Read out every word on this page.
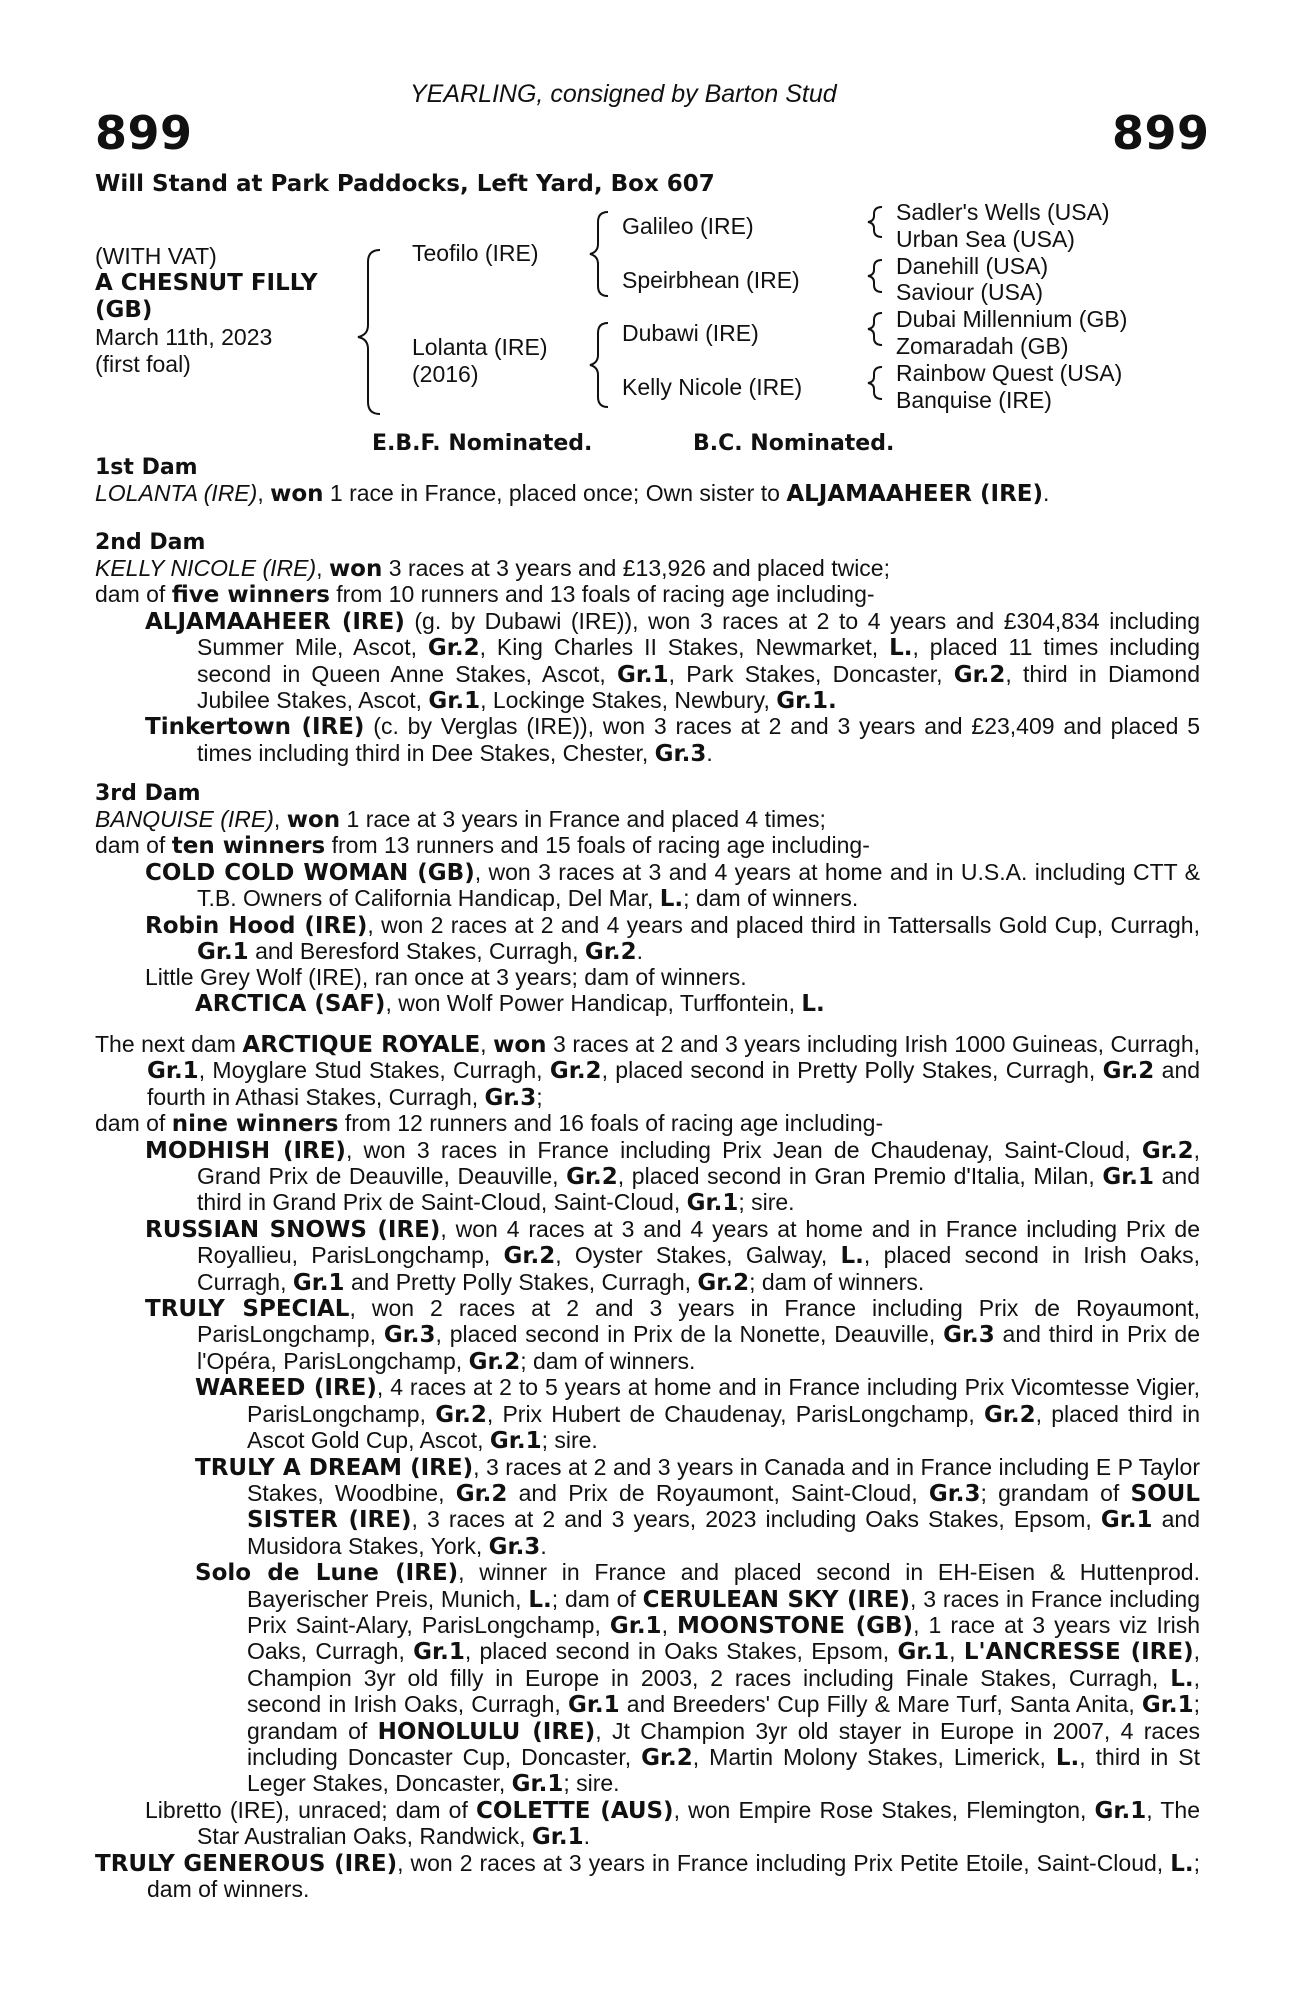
YEARLING, consigned by Barton Stud
899	899
Will Stand at Park Paddocks, Left Yard, Box 607
(WITH VAT)
A CHESNUT FILLY
(GB)
March 11th, 2023
(first foal)
Teofilo (IRE)
Lolanta (IRE)
(2016)
Galileo (IRE)
Speirbhean (IRE)
Dubawi (IRE)
Kelly Nicole (IRE)
Sadler's Wells (USA)
Urban Sea (USA)
Danehill (USA)
Saviour (USA)
Dubai Millennium (GB)
Zomaradah (GB)
Rainbow Quest (USA)
Banquise (IRE)
E.B.F. Nominated.	B.C. Nominated.
1st Dam

LOLANTA (IRE), won 1 race in France, placed once; Own sister to ALJAMAAHEER (IRE).

2nd Dam

KELLY NICOLE (IRE), won 3 races at 3 years and £13,926 and placed twice;

dam of five winners from 10 runners and 13 foals of racing age including-

ALJAMAAHEER (IRE) (g. by Dubawi (IRE)), won 3 races at 2 to 4 years and £304,834 including Summer Mile, Ascot, Gr.2, King Charles II Stakes, Newmarket, L., placed 11 times including second in Queen Anne Stakes, Ascot, Gr.1, Park Stakes, Doncaster, Gr.2, third in Diamond Jubilee Stakes, Ascot, Gr.1, Lockinge Stakes, Newbury, Gr.1.

Tinkertown (IRE) (c. by Verglas (IRE)), won 3 races at 2 and 3 years and £23,409 and placed 5 times including third in Dee Stakes, Chester, Gr.3.

3rd Dam

BANQUISE (IRE), won 1 race at 3 years in France and placed 4 times;

dam of ten winners from 13 runners and 15 foals of racing age including-

COLD COLD WOMAN (GB), won 3 races at 3 and 4 years at home and in U.S.A. including CTT & T.B. Owners of California Handicap, Del Mar, L.; dam of winners.

Robin Hood (IRE), won 2 races at 2 and 4 years and placed third in Tattersalls Gold Cup, Curragh, Gr.1 and Beresford Stakes, Curragh, Gr.2.

Little Grey Wolf (IRE), ran once at 3 years; dam of winners.

ARCTICA (SAF), won Wolf Power Handicap, Turffontein, L.

The next dam ARCTIQUE ROYALE, won 3 races at 2 and 3 years including Irish 1000 Guineas, Curragh, Gr.1, Moyglare Stud Stakes, Curragh, Gr.2, placed second in Pretty Polly Stakes, Curragh, Gr.2 and fourth in Athasi Stakes, Curragh, Gr.3;

dam of nine winners from 12 runners and 16 foals of racing age including-

MODHISH (IRE), won 3 races in France including Prix Jean de Chaudenay, Saint-Cloud, Gr.2, Grand Prix de Deauville, Deauville, Gr.2, placed second in Gran Premio d'Italia, Milan, Gr.1 and third in Grand Prix de Saint-Cloud, Saint-Cloud, Gr.1; sire.

RUSSIAN SNOWS (IRE), won 4 races at 3 and 4 years at home and in France including Prix de Royallieu, ParisLongchamp, Gr.2, Oyster Stakes, Galway, L., placed second in Irish Oaks, Curragh, Gr.1 and Pretty Polly Stakes, Curragh, Gr.2; dam of winners.

TRULY SPECIAL, won 2 races at 2 and 3 years in France including Prix de Royaumont, ParisLongchamp, Gr.3, placed second in Prix de la Nonette, Deauville, Gr.3 and third in Prix de l'Opéra, ParisLongchamp, Gr.2; dam of winners.

WAREED (IRE), 4 races at 2 to 5 years at home and in France including Prix Vicomtesse Vigier, ParisLongchamp, Gr.2, Prix Hubert de Chaudenay, ParisLongchamp, Gr.2, placed third in Ascot Gold Cup, Ascot, Gr.1; sire.

TRULY A DREAM (IRE), 3 races at 2 and 3 years in Canada and in France including E P Taylor Stakes, Woodbine, Gr.2 and Prix de Royaumont, Saint-Cloud, Gr.3; grandam of SOUL SISTER (IRE), 3 races at 2 and 3 years, 2023 including Oaks Stakes, Epsom, Gr.1 and Musidora Stakes, York, Gr.3.

Solo de Lune (IRE), winner in France and placed second in EH-Eisen & Huttenprod. Bayerischer Preis, Munich, L.; dam of CERULEAN SKY (IRE), 3 races in France including Prix Saint-Alary, ParisLongchamp, Gr.1, MOONSTONE (GB), 1 race at 3 years viz Irish Oaks, Curragh, Gr.1, placed second in Oaks Stakes, Epsom, Gr.1, L'ANCRESSE (IRE), Champion 3yr old filly in Europe in 2003, 2 races including Finale Stakes, Curragh, L., second in Irish Oaks, Curragh, Gr.1 and Breeders' Cup Filly & Mare Turf, Santa Anita, Gr.1; grandam of HONOLULU (IRE), Jt Champion 3yr old stayer in Europe in 2007, 4 races including Doncaster Cup, Doncaster, Gr.2, Martin Molony Stakes, Limerick, L., third in St Leger Stakes, Doncaster, Gr.1; sire.

Libretto (IRE), unraced; dam of COLETTE (AUS), won Empire Rose Stakes, Flemington, Gr.1, The Star Australian Oaks, Randwick, Gr.1.

TRULY GENEROUS (IRE), won 2 races at 3 years in France including Prix Petite Etoile, Saint-Cloud, L.; dam of winners.
